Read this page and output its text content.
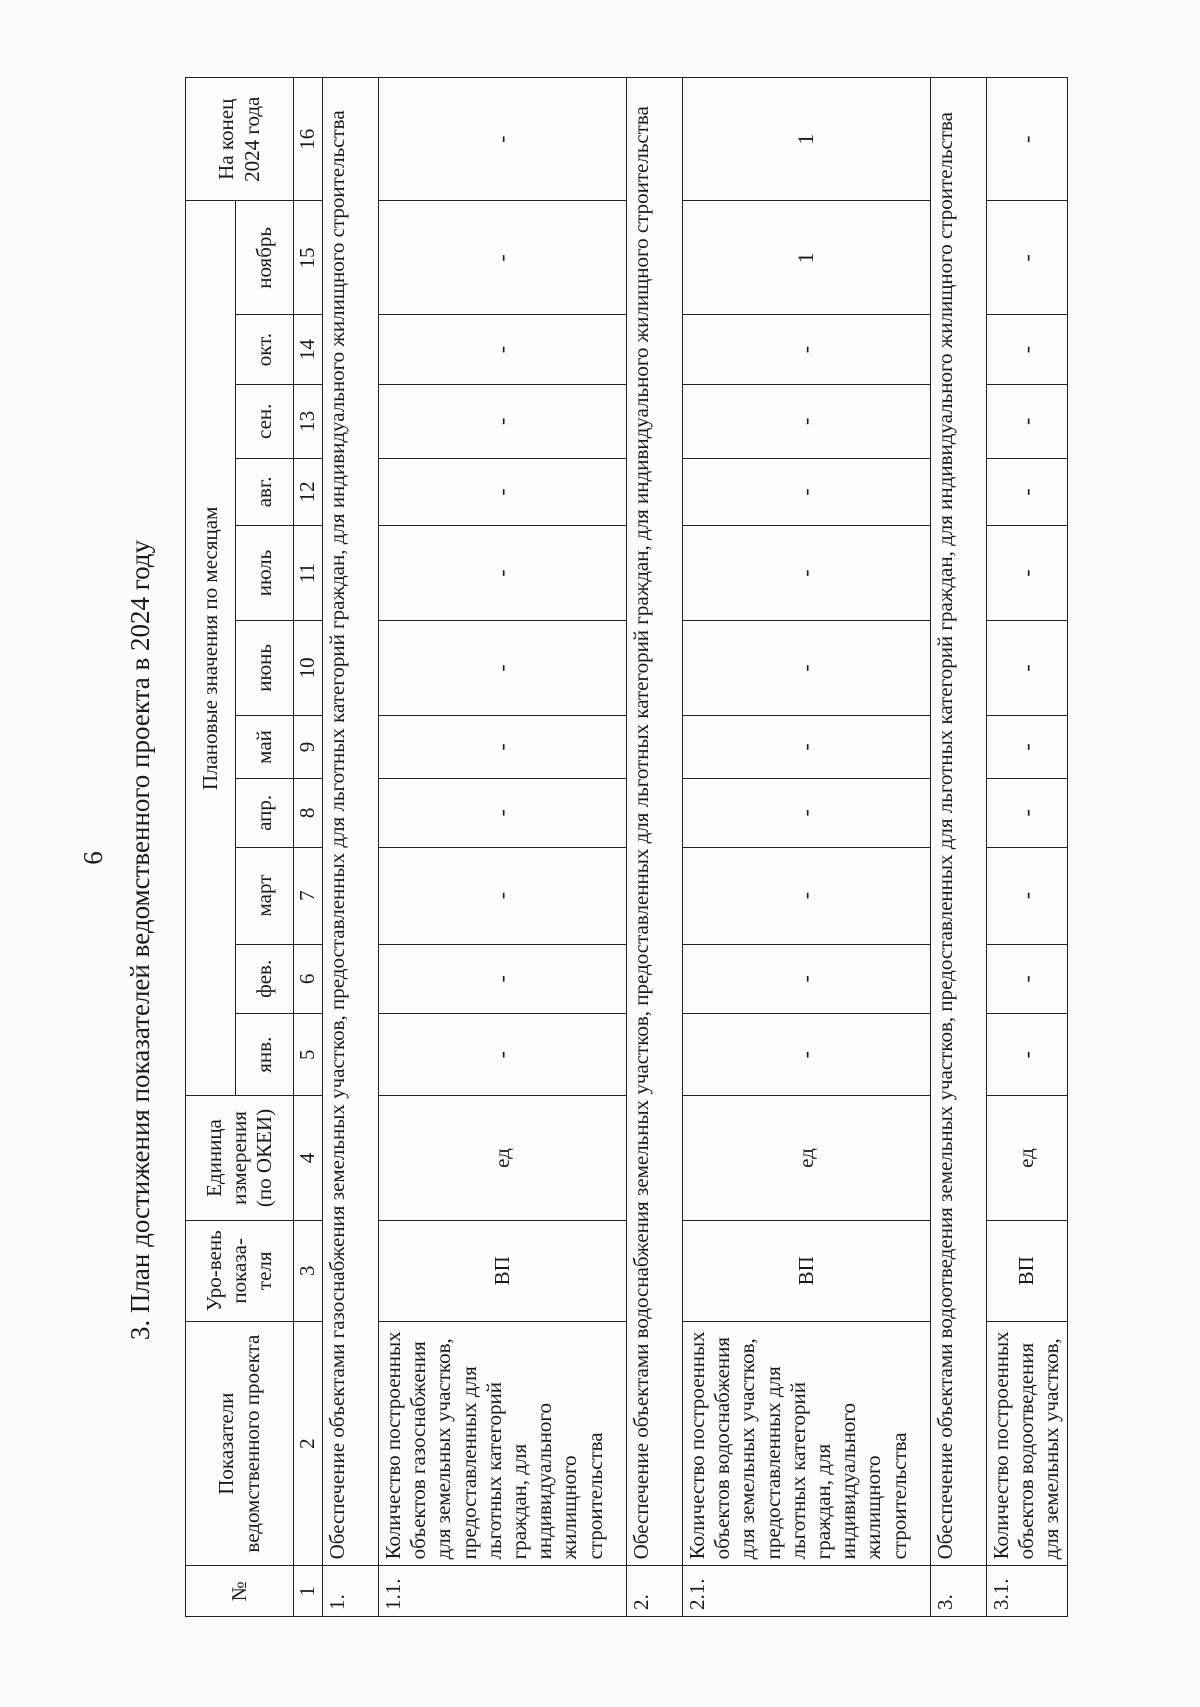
6 3. План достижения показателей ведомственного проекта в 2024 году
№	Показатели ведомственного проекта	Уро-вень показа-теля	Единица измерения (по ОКЕИ)	Плановые значения по месяцам											На конец 2024 года
				янв.	фев.	март	апр.	май	июнь	июль	авг.	сен.	окт.	ноябрь	
1	2	3	4	5	6	7	8	9	10	11	12	13	14	15	16
1.	Обеспечение объектами газоснабжения земельных участков, предоставленных для льготных категорий граждан, для индивидуального жилищного строительства														
1.1.	Количество построенных объектов газоснабжения для земельных участков, предоставленных для льготных категорий граждан, для индивидуального жилищного строительства	ВП	ед	-	-	-	-	-	-	-	-	-	-	-	-
2.	Обеспечение объектами водоснабжения земельных участков, предоставленных для льготных категорий граждан, для индивидуального жилищного строительства														
2.1.	Количество построенных объектов водоснабжения для земельных участков, предоставленных для льготных категорий граждан, для индивидуального жилищного строительства	ВП	ед	-	-	-	-	-	-	-	-	-	-	1	1
3.	Обеспечение объектами водоотведения земельных участков, предоставленных для льготных категорий граждан, для индивидуального жилищного строительства														
3.1.	Количество построенных объектов водоотведения для земельных участков,	ВП	ед	-	-	-	-	-	-	-	-	-	-	-	-
